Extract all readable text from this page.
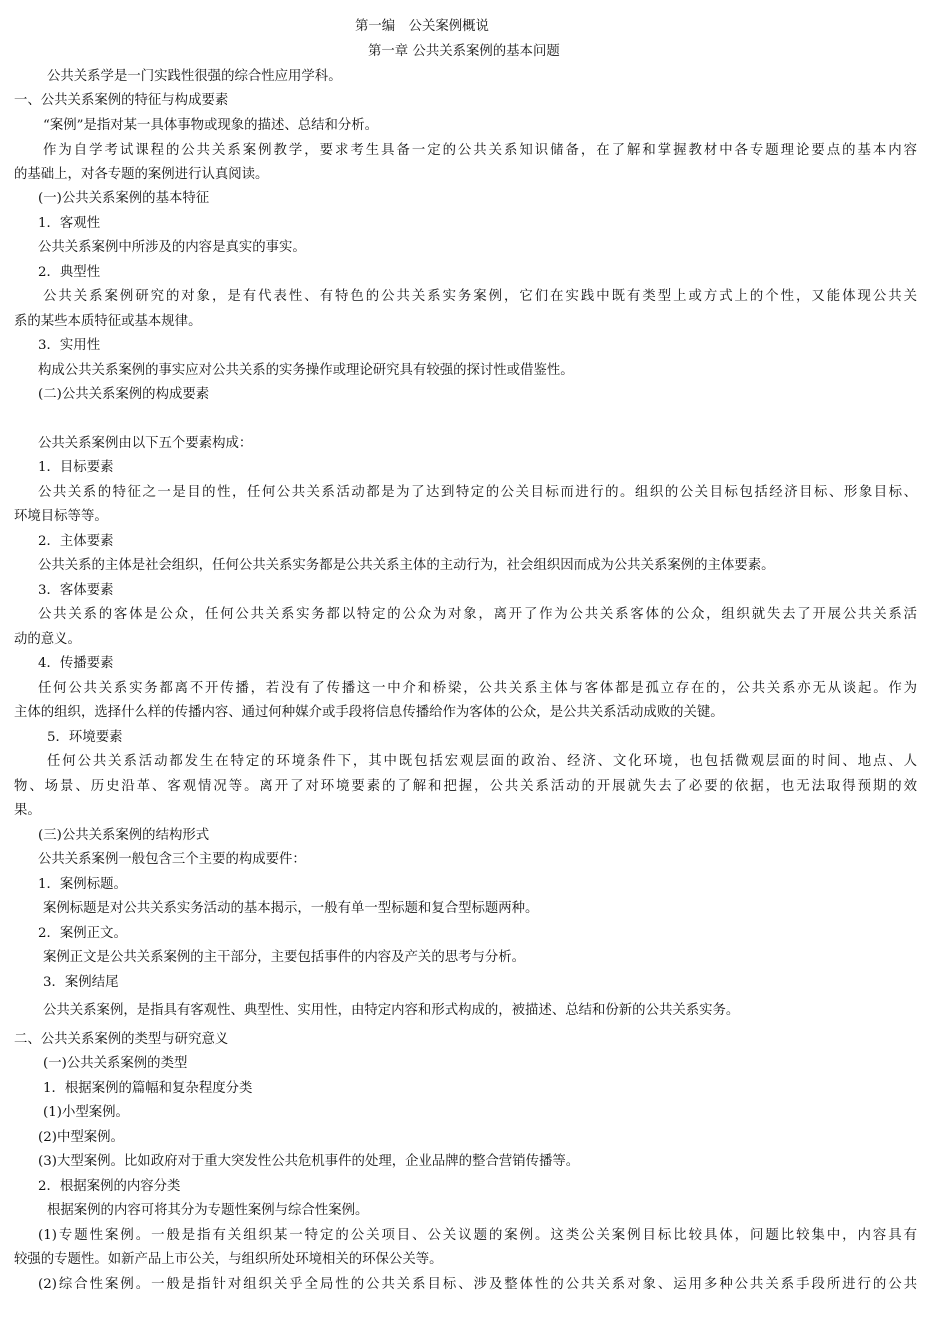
第一编　公关案例概说
第一章 公共关系案例的基本问题
公共关系学是一门实践性很强的综合性应用学科。
一、公共关系案例的特征与构成要素
“案例”是指对某一具体事物或现象的描述、总结和分析。
作为自学考试课程的公共关系案例教学，要求考生具备一定的公共关系知识储备，在了解和掌握教材中各专题理论要点的基本内容
的基础上，对各专题的案例进行认真阅读。
(一)公共关系案例的基本特征
1．客观性
公共关系案例中所涉及的内容是真实的事实。
2．典型性
公共关系案例研究的对象，是有代表性、有特色的公共关系实务案例，它们在实践中既有类型上或方式上的个性，又能体现公共关
系的某些本质特征或基本规律。
3．实用性
构成公共关系案例的事实应对公共关系的实务操作或理论研究具有较强的探讨性或借鉴性。
(二)公共关系案例的构成要素
公共关系案例由以下五个要素构成：
1．目标要素
公共关系的特征之一是目的性，任何公共关系活动都是为了达到特定的公关目标而进行的。组织的公关目标包括经济目标、形象目标、
环境目标等等。
2．主体要素
公共关系的主体是社会组织，任何公共关系实务都是公共关系主体的主动行为，社会组织因而成为公共关系案例的主体要素。
3．客体要素
公共关系的客体是公众，任何公共关系实务都以特定的公众为对象，离开了作为公共关系客体的公众，组织就失去了开展公共关系活
动的意义。
4．传播要素
任何公共关系实务都离不开传播，若没有了传播这一中介和桥梁，公共关系主体与客体都是孤立存在的，公共关系亦无从谈起。作为
主体的组织，选择什么样的传播内容、通过何种媒介或手段将信息传播给作为客体的公众，是公共关系活动成败的关键。
5．环境要素
任何公共关系活动都发生在特定的环境条件下，其中既包括宏观层面的政治、经济、文化环境，也包括微观层面的时间、地点、人
物、场景、历史沿革、客观情况等。离开了对环境要素的了解和把握，公共关系活动的开展就失去了必要的依据，也无法取得预期的效
果。
(三)公共关系案例的结构形式
公共关系案例一般包含三个主要的构成要件：
1．案例标题。
案例标题是对公共关系实务活动的基本揭示，一般有单一型标题和复合型标题两种。
2．案例正文。
案例正文是公共关系案例的主干部分，主要包括事件的内容及产关的思考与分析。
3．案例结尾
公共关系案例，是指具有客观性、典型性、实用性，由特定内容和形式构成的，被描述、总结和份新的公共关系实务。
二、公共关系案例的类型与研究意义
(一)公共关系案例的类型
1．根据案例的篇幅和复杂程度分类
(1)小型案例。
(2)中型案例。
(3)大型案例。比如政府对于重大突发性公共危机事件的处理，企业品牌的整合营销传播等。
2．根据案例的内容分类
根据案例的内容可将其分为专题性案例与综合性案例。
(1)专题性案例。一般是指有关组织某一特定的公关项目、公关议题的案例。这类公关案例目标比较具体，问题比较集中，内容具有
较强的专题性。如新产品上市公关，与组织所处环境相关的环保公关等。
(2)综合性案例。一般是指针对组织关乎全局性的公共关系目标、涉及整体性的公共关系对象、运用多种公共关系手段所进行的公共
